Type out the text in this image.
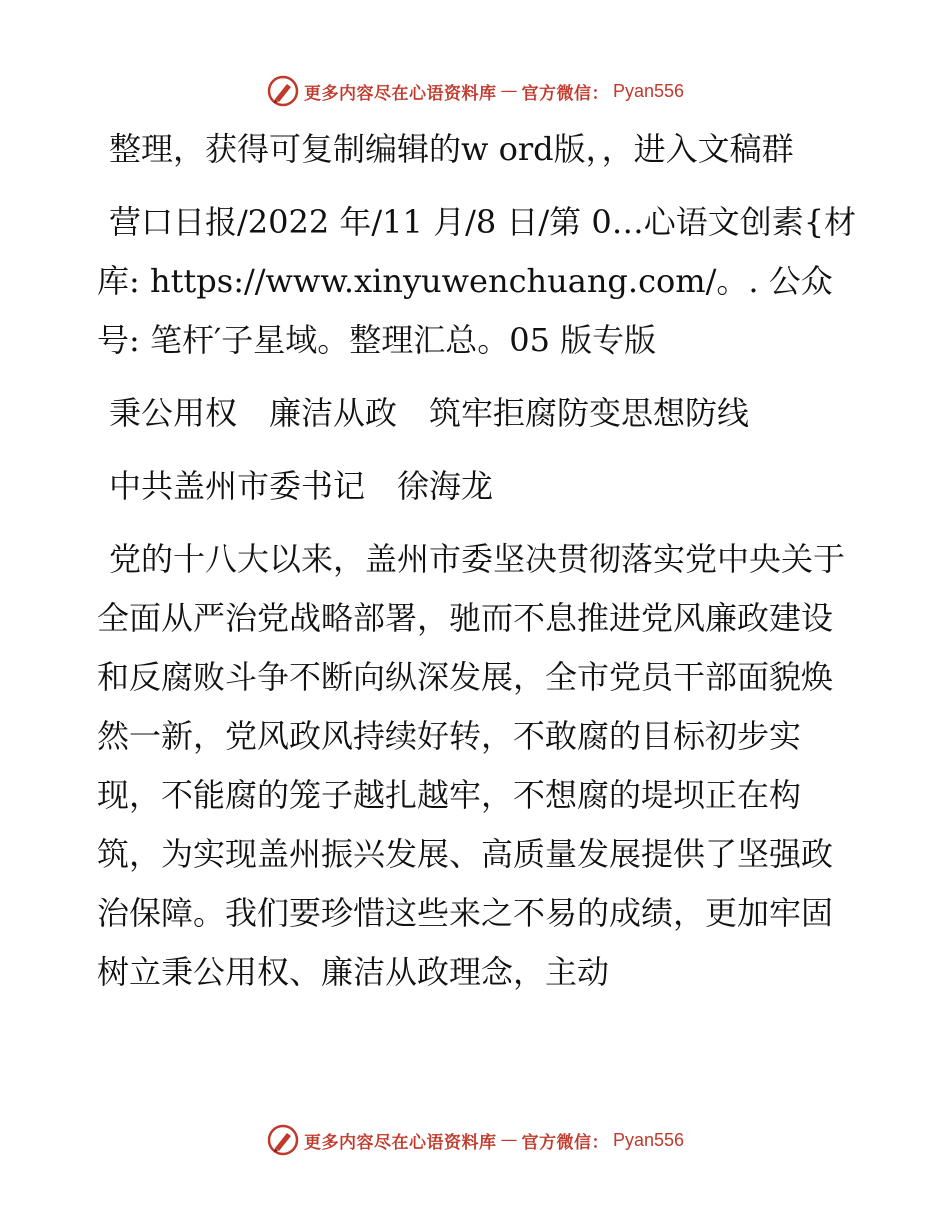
更多内容尽在心语资料库 — 官方微信： Pyan556

整理，获得可复制编辑的w ord版，，进入文稿群

营口日报/2022 年/11 月/8 日/第 0…心语文创素{材库: https://www.xinyuwenchuang.com/。. 公众号: 笔杆′子星域。整理汇总。05 版专版

秉公用权　廉洁从政　筑牢拒腐防变思想防线

中共盖州市委书记　徐海龙

党的十八大以来，盖州市委坚决贯彻落实党中央关于全面从严治党战略部署，驰而不息推进党风廉政建设和反腐败斗争不断向纵深发展，全市党员干部面貌焕然一新，党风政风持续好转，不敢腐的目标初步实现，不能腐的笼子越扎越牢，不想腐的堤坝正在构筑，为实现盖州振兴发展、高质量发展提供了坚强政治保障。我们要珍惜这些来之不易的成绩，更加牢固树立秉公用权、廉洁从政理念，主动

更多内容尽在心语资料库 — 官方微信： Pyan556
